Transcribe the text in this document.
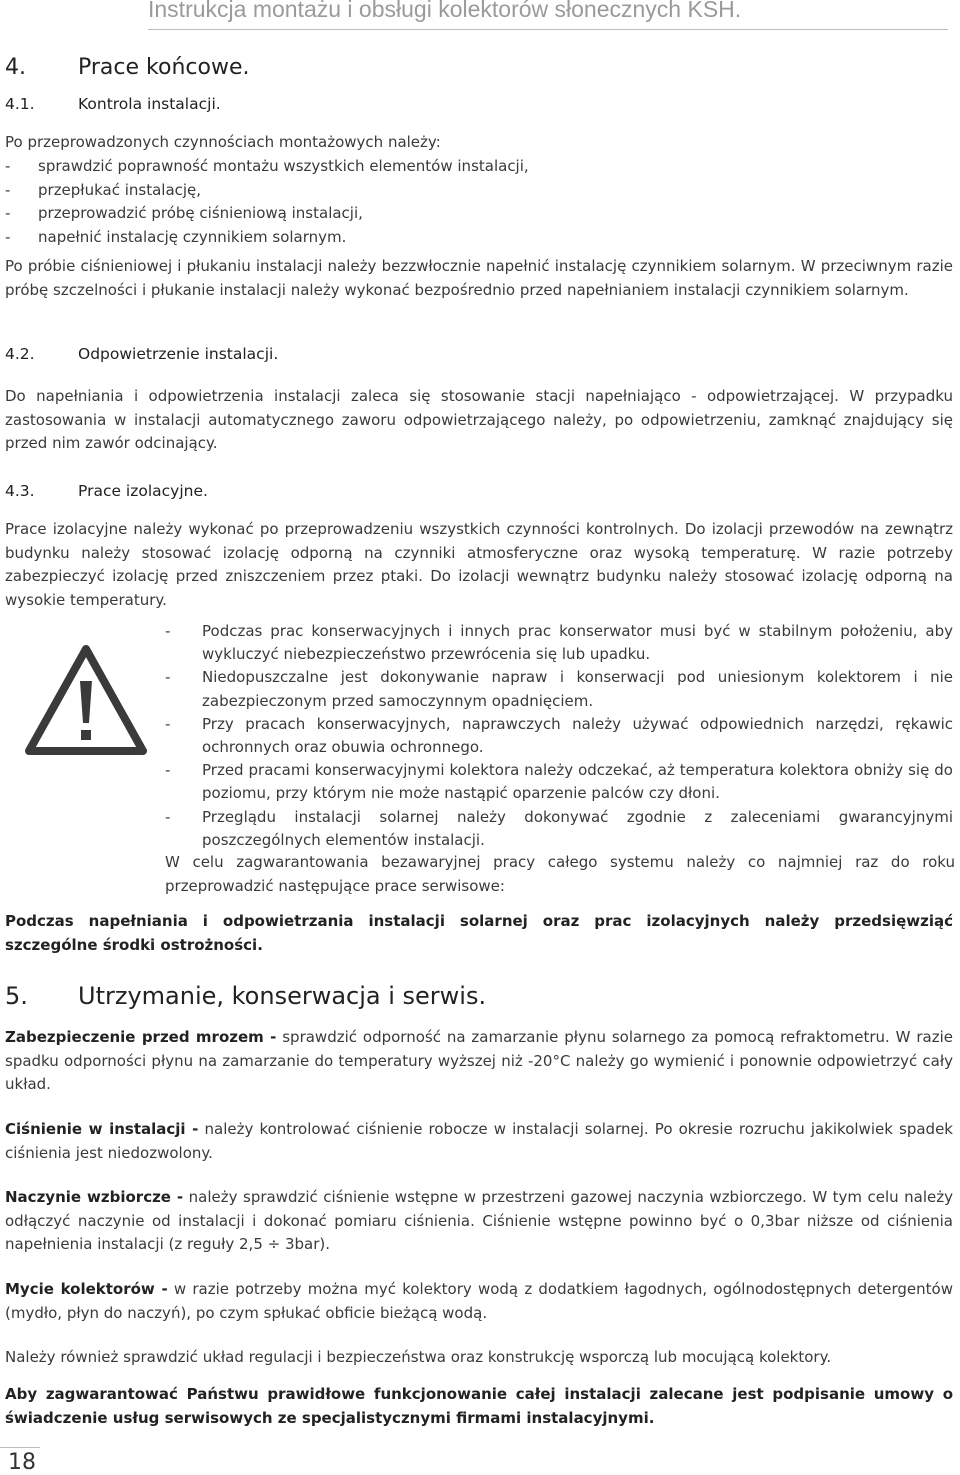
Instrukcja montażu i obsługi kolektorów słonecznych KSH.
4. Prace końcowe.
4.1.	Kontrola instalacji.
Po przeprowadzonych czynnościach montażowych należy:
- sprawdzić poprawność montażu wszystkich elementów instalacji,
- przepłukać instalację,
- przeprowadzić próbę ciśnieniową instalacji,
- napełnić instalację czynnikiem solarnym.
Po próbie ciśnieniowej i płukaniu instalacji należy bezzwłocznie napełnić instalację czynnikiem solarnym. W przeciwnym razie próbę szczelności i płukanie instalacji należy wykonać bezpośrednio przed napełnianiem instalacji czynnikiem solarnym.
4.2.	Odpowietrzenie instalacji.
Do napełniania i odpowietrzenia instalacji zaleca się stosowanie stacji napełniająco - odpowietrzającej. W przypadku zastosowania w instalacji automatycznego zaworu odpowietrzającego należy, po odpowietrzeniu, zamknąć znajdujący się przed nim zawór odcinający.
4.3.	Prace izolacyjne.
Prace izolacyjne należy wykonać po przeprowadzeniu wszystkich czynności kontrolnych. Do izolacji przewodów na zewnątrz budynku należy stosować izolację odporną na czynniki atmosferyczne oraz wysoką temperaturę. W razie potrzeby zabezpieczyć izolację przed zniszczeniem przez ptaki. Do izolacji wewnątrz budynku należy stosować izolację odporną na wysokie temperatury.
- Podczas prac konserwacyjnych i innych prac konserwator musi być w stabilnym położeniu, aby wykluczyć niebezpieczeństwo przewrócenia się lub upadku.
- Niedopuszczalne jest dokonywanie napraw i konserwacji pod uniesionym kolektorem i nie zabezpieczonym przed samoczynnym opadnięciem.
- Przy pracach konserwacyjnych, naprawczych należy używać odpowiednich narzędzi, rękawic ochronnych oraz obuwia ochronnego.
- Przed pracami konserwacyjnymi kolektora należy odczekać, aż temperatura kolektora obniży się do poziomu, przy którym nie może nastąpić oparzenie palców czy dłoni.
- Przeglądu instalacji solarnej należy dokonywać zgodnie z zaleceniami gwarancyjnymi poszczególnych elementów instalacji.
W celu zagwarantowania bezawaryjnej pracy całego systemu należy co najmniej raz do roku przeprowadzić następujące prace serwisowe:
Podczas napełniania i odpowietrzania instalacji solarnej oraz prac izolacyjnych należy przedsięwziąć szczególne środki ostrożności.
5. Utrzymanie, konserwacja i serwis.
Zabezpieczenie przed mrozem - sprawdzić odporność na zamarzanie płynu solarnego za pomocą refraktometru. W razie spadku odporności płynu na zamarzanie do temperatury wyższej niż -20°C należy go wymienić i ponownie odpowietrzyć cały układ.
Ciśnienie w instalacji - należy kontrolować ciśnienie robocze w instalacji solarnej. Po okresie rozruchu jakikolwiek spadek ciśnienia jest niedozwolony.
Naczynie wzbiorcze - należy sprawdzić ciśnienie wstępne w przestrzeni gazowej naczynia wzbiorczego. W tym celu należy odłączyć naczynie od instalacji i dokonać pomiaru ciśnienia. Ciśnienie wstępne powinno być o 0,3bar niższe od ciśnienia napełnienia instalacji (z reguły 2,5 ÷ 3bar).
Mycie kolektorów - w razie potrzeby można myć kolektory wodą z dodatkiem łagodnych, ogólnodostępnych detergentów (mydło, płyn do naczyń), po czym spłukać obficie bieżącą wodą.
Należy również sprawdzić układ regulacji i bezpieczeństwa oraz konstrukcję wsporczą lub mocującą kolektory.
Aby zagwarantować Państwu prawidłowe funkcjonowanie całej instalacji zalecane jest podpisanie umowy o świadczenie usług serwisowych ze specjalistycznymi firmami instalacyjnymi.
18
